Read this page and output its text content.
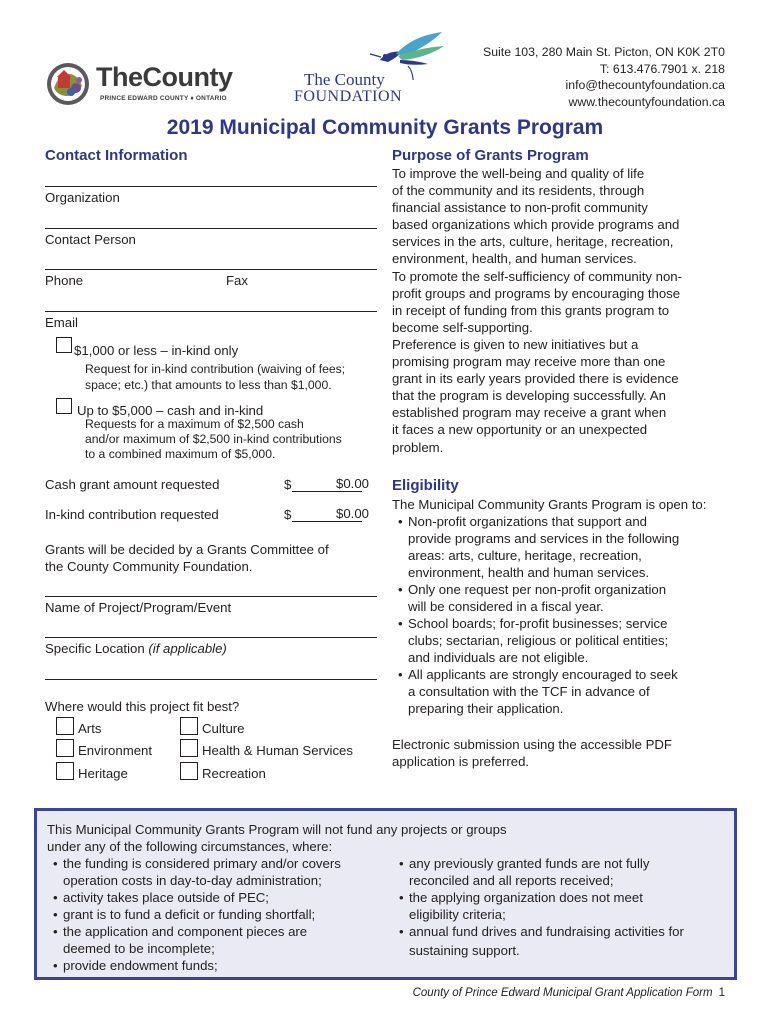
TheCounty
PRINCE EDWARD COUNTY ♦ ONTARIO
The County
FOUNDATION
Suite 103, 280 Main St. Picton, ON K0K 2T0
T: 613.476.7901 x. 218
info@thecountyfoundation.ca
www.thecountyfoundation.ca
2019 Municipal Community Grants Program
Contact Information
Organization
Contact Person
Phone	Fax
Email
$1,000 or less – in-kind only
Request for in-kind contribution (waiving of fees;
space; etc.) that amounts to less than $1,000.
Up to $5,000 – cash and in-kind
Requests for a maximum of $2,500 cash
and/or maximum of $2,500 in-kind contributions
to a combined maximum of $5,000.
Cash grant amount requested	$	$0.00
In-kind contribution requested	$	$0.00
Grants will be decided by a Grants Committee of
the County Community Foundation.
Name of Project/Program/Event
Specific Location (if applicable)
Where would this project fit best?
Arts	Culture
Environment	Health & Human Services
Heritage	Recreation
Purpose of Grants Program
To improve the well-being and quality of life
of the community and its residents, through
financial assistance to non-profit community
based organizations which provide programs and
services in the arts, culture, heritage, recreation,
environment, health, and human services.
To promote the self-sufficiency of community non-
profit groups and programs by encouraging those
in receipt of funding from this grants program to
become self-supporting.
Preference is given to new initiatives but a
promising program may receive more than one
grant in its early years provided there is evidence
that the program is developing successfully. An
established program may receive a grant when
it faces a new opportunity or an unexpected
problem.
Eligibility
The Municipal Community Grants Program is open to:
• Non-profit organizations that support and
provide programs and services in the following
areas: arts, culture, heritage, recreation,
environment, health and human services.
• Only one request per non-profit organization
will be considered in a fiscal year.
• School boards; for-profit businesses; service
clubs; sectarian, religious or political entities;
and individuals are not eligible.
• All applicants are strongly encouraged to seek
a consultation with the TCF in advance of
preparing their application.
Electronic submission using the accessible PDF
application is preferred.
This Municipal Community Grants Program will not fund any projects or groups
under any of the following circumstances, where:
• the funding is considered primary and/or covers
operation costs in day-to-day administration;
• activity takes place outside of PEC;
• grant is to fund a deficit or funding shortfall;
• the application and component pieces are
deemed to be incomplete;
• provide endowment funds;
• any previously granted funds are not fully
reconciled and all reports received;
• the applying organization does not meet
eligibility criteria;
• annual fund drives and fundraising activities for
sustaining support.
County of Prince Edward Municipal Grant Application Form 1
